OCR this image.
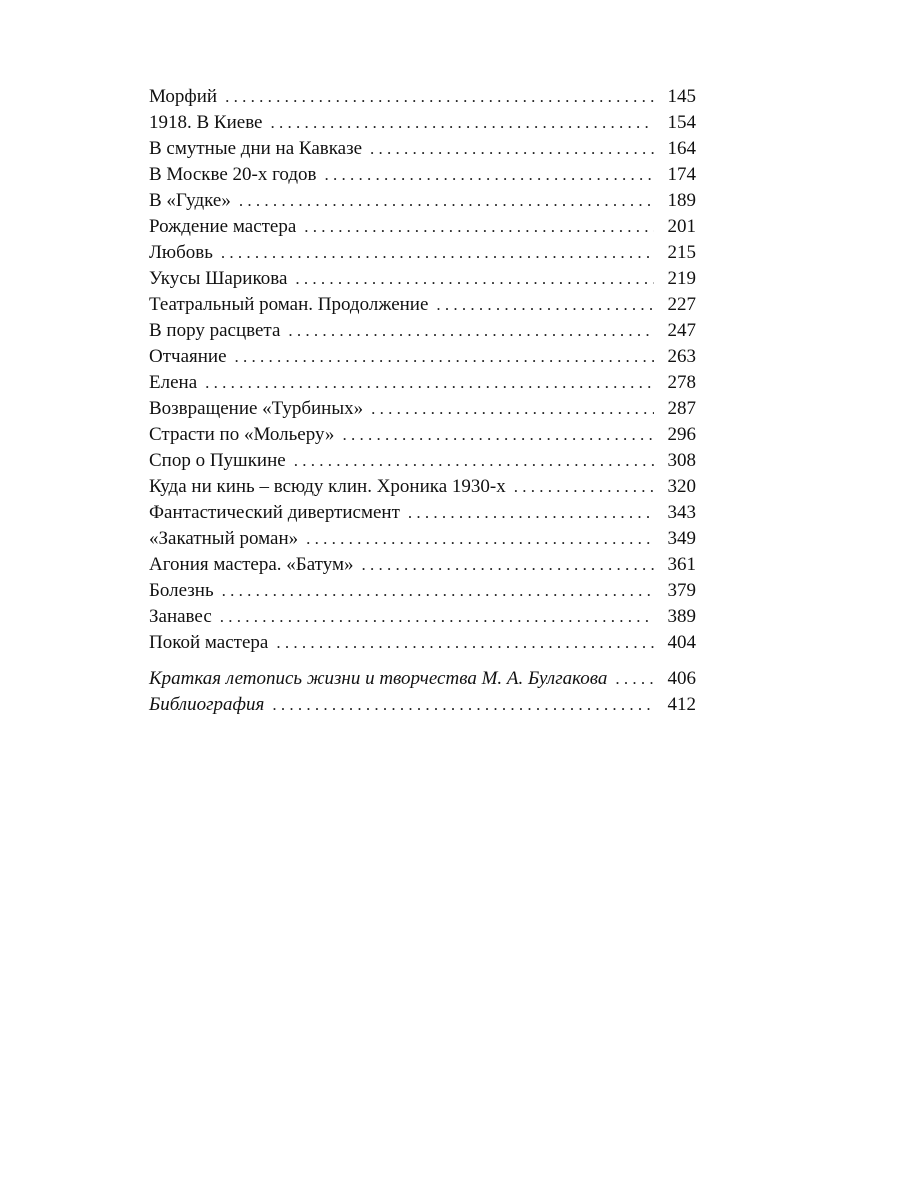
Морфий . . .	145
1918. В Киеве . . .	154
В смутные дни на Кавказе . . .	164
В Москве 20-х годов . . .	174
В «Гудке» . . .	189
Рождение мастера . . .	201
Любовь . . .	215
Укусы Шарикова . . .	219
Театральный роман. Продолжение . . .	227
В пору расцвета . . .	247
Отчаяние . . .	263
Елена . . .	278
Возвращение «Турбиных» . . .	287
Страсти по «Мольеру» . . .	296
Спор о Пушкине . . .	308
Куда ни кинь – всюду клин. Хроника 1930-х . . .	320
Фантастический дивертисмент . . .	343
«Закатный роман» . . .	349
Агония мастера. «Батум» . . .	361
Болезнь . . .	379
Занавес . . .	389
Покой мастера . . .	404
Краткая летопись жизни и творчества М. А. Булгакова . . .	406
Библиография . . .	412
